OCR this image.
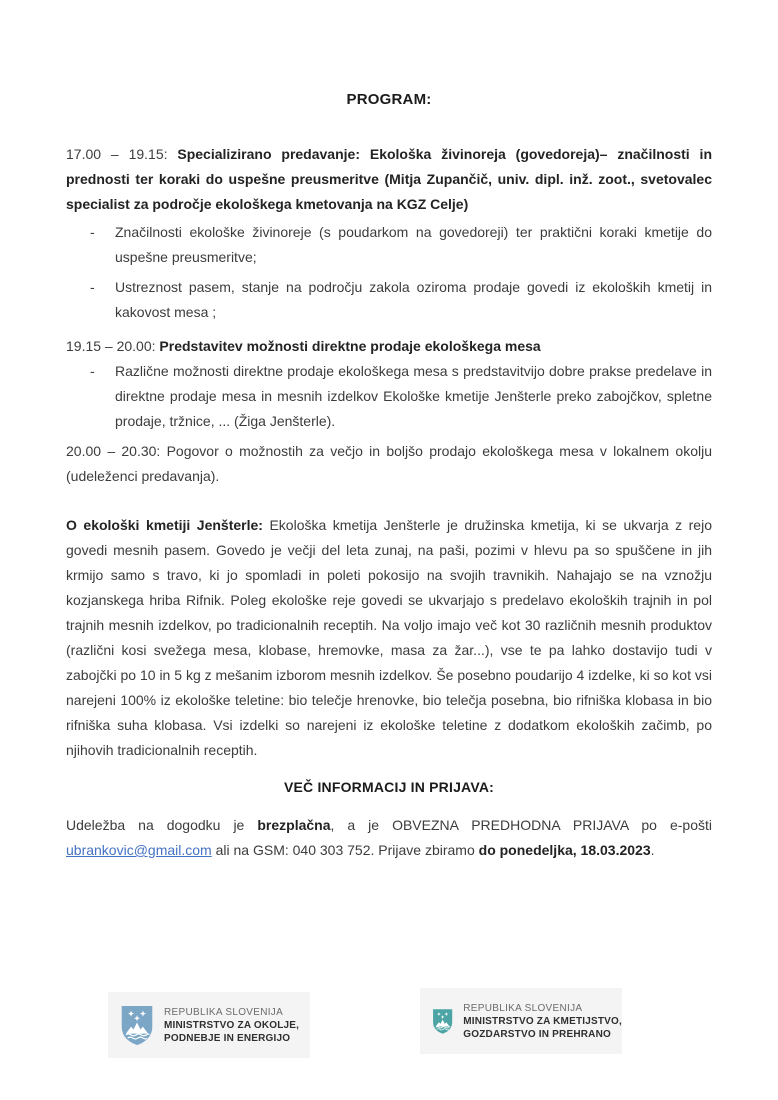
PROGRAM:

17.00 – 19.15: Specializirano predavanje: Ekološka živinoreja (govedoreja)– značilnosti in prednosti ter koraki do uspešne preusmeritve (Mitja Zupančič, univ. dipl. inž. zoot., svetovalec specialist za področje ekološkega kmetovanja na KGZ Celje)

- Značilnosti ekološke živinoreje (s poudarkom na govedoreji) ter praktični koraki kmetije do uspešne preusmeritve;
- Ustreznost pasem, stanje na področju zakola oziroma prodaje govedi iz ekoloških kmetij in kakovost mesa ;

19.15 – 20.00: Predstavitev možnosti direktne prodaje ekološkega mesa

- Različne možnosti direktne prodaje ekološkega mesa s predstavitvijo dobre prakse predelave in direktne prodaje mesa in mesnih izdelkov Ekološke kmetije Jenšterle preko zabojčkov, spletne prodaje, tržnice, ... (Žiga Jenšterle).

20.00 – 20.30: Pogovor o možnostih za večjo in boljšo prodajo ekološkega mesa v lokalnem okolju (udeleženci predavanja).

O ekološki kmetiji Jenšterle: Ekološka kmetija Jenšterle je družinska kmetija, ki se ukvarja z rejo govedi mesnih pasem. Govedo je večji del leta zunaj, na paši, pozimi v hlevu pa so spuščene in jih krmijo samo s travo, ki jo spomladi in poleti pokosijo na svojih travnikih. Nahajajo se na vznožju kozjanskega hriba Rifnik. Poleg ekološke reje govedi se ukvarjajo s predelavo ekoloških trajnih in pol trajnih mesnih izdelkov, po tradicionalnih receptih. Na voljo imajo več kot 30 različnih mesnih produktov (različni kosi svežega mesa, klobase, hremovke, masa za žar...), vse te pa lahko dostavijo tudi v zabojčki po 10 in 5 kg z mešanim izborom mesnih izdelkov. Še posebno poudarijo 4 izdelke, ki so kot vsi narejeni 100% iz ekološke teletine: bio telečje hrenovke, bio telečja posebna, bio rifniška klobasa in bio rifniška suha klobasa. Vsi izdelki so narejeni iz ekološke teletine z dodatkom ekoloških začimb, po njihovih tradicionalnih receptih.

VEČ INFORMACIJ IN PRIJAVA:

Udeležba na dogodku je brezplačna, a je OBVEZNA PREDHODNA PRIJAVA po e-pošti ubrankovic@gmail.com ali na GSM: 040 303 752. Prijave zbiramo do ponedeljka, 18.03.2023.

REPUBLIKA SLOVENIJA
MINISTRSTVO ZA OKOLJE,
PODNEBJE IN ENERGIJO
REPUBLIKA SLOVENIJA
MINISTRSTVO ZA KMETIJSTVO,
GOZDARSTVO IN PREHRANO
